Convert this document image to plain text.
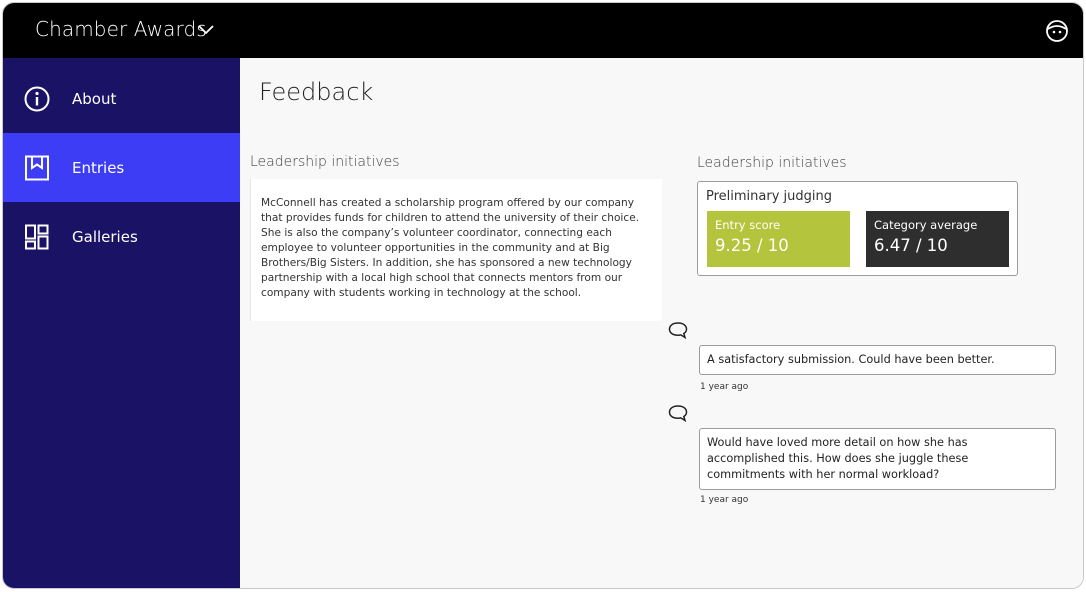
Chamber Awards
About
Entries
Galleries
Feedback
Leadership initiatives

McConnell has created a scholarship program offered by our company that provides funds for children to attend the university of their choice. She is also the company’s volunteer coordinator, connecting each employee to volunteer opportunities in the community and at Big Brothers/Big Sisters. In addition, she has sponsored a new technology partnership with a local high school that connects mentors from our company with students working in technology at the school.

Leadership initiatives
Preliminary judging
Entry score
9.25 / 10
Category average
6.47 / 10
A satisfactory submission. Could have been better.
1 year ago
Would have loved more detail on how she has accomplished this. How does she juggle these commitments with her normal workload?
1 year ago
